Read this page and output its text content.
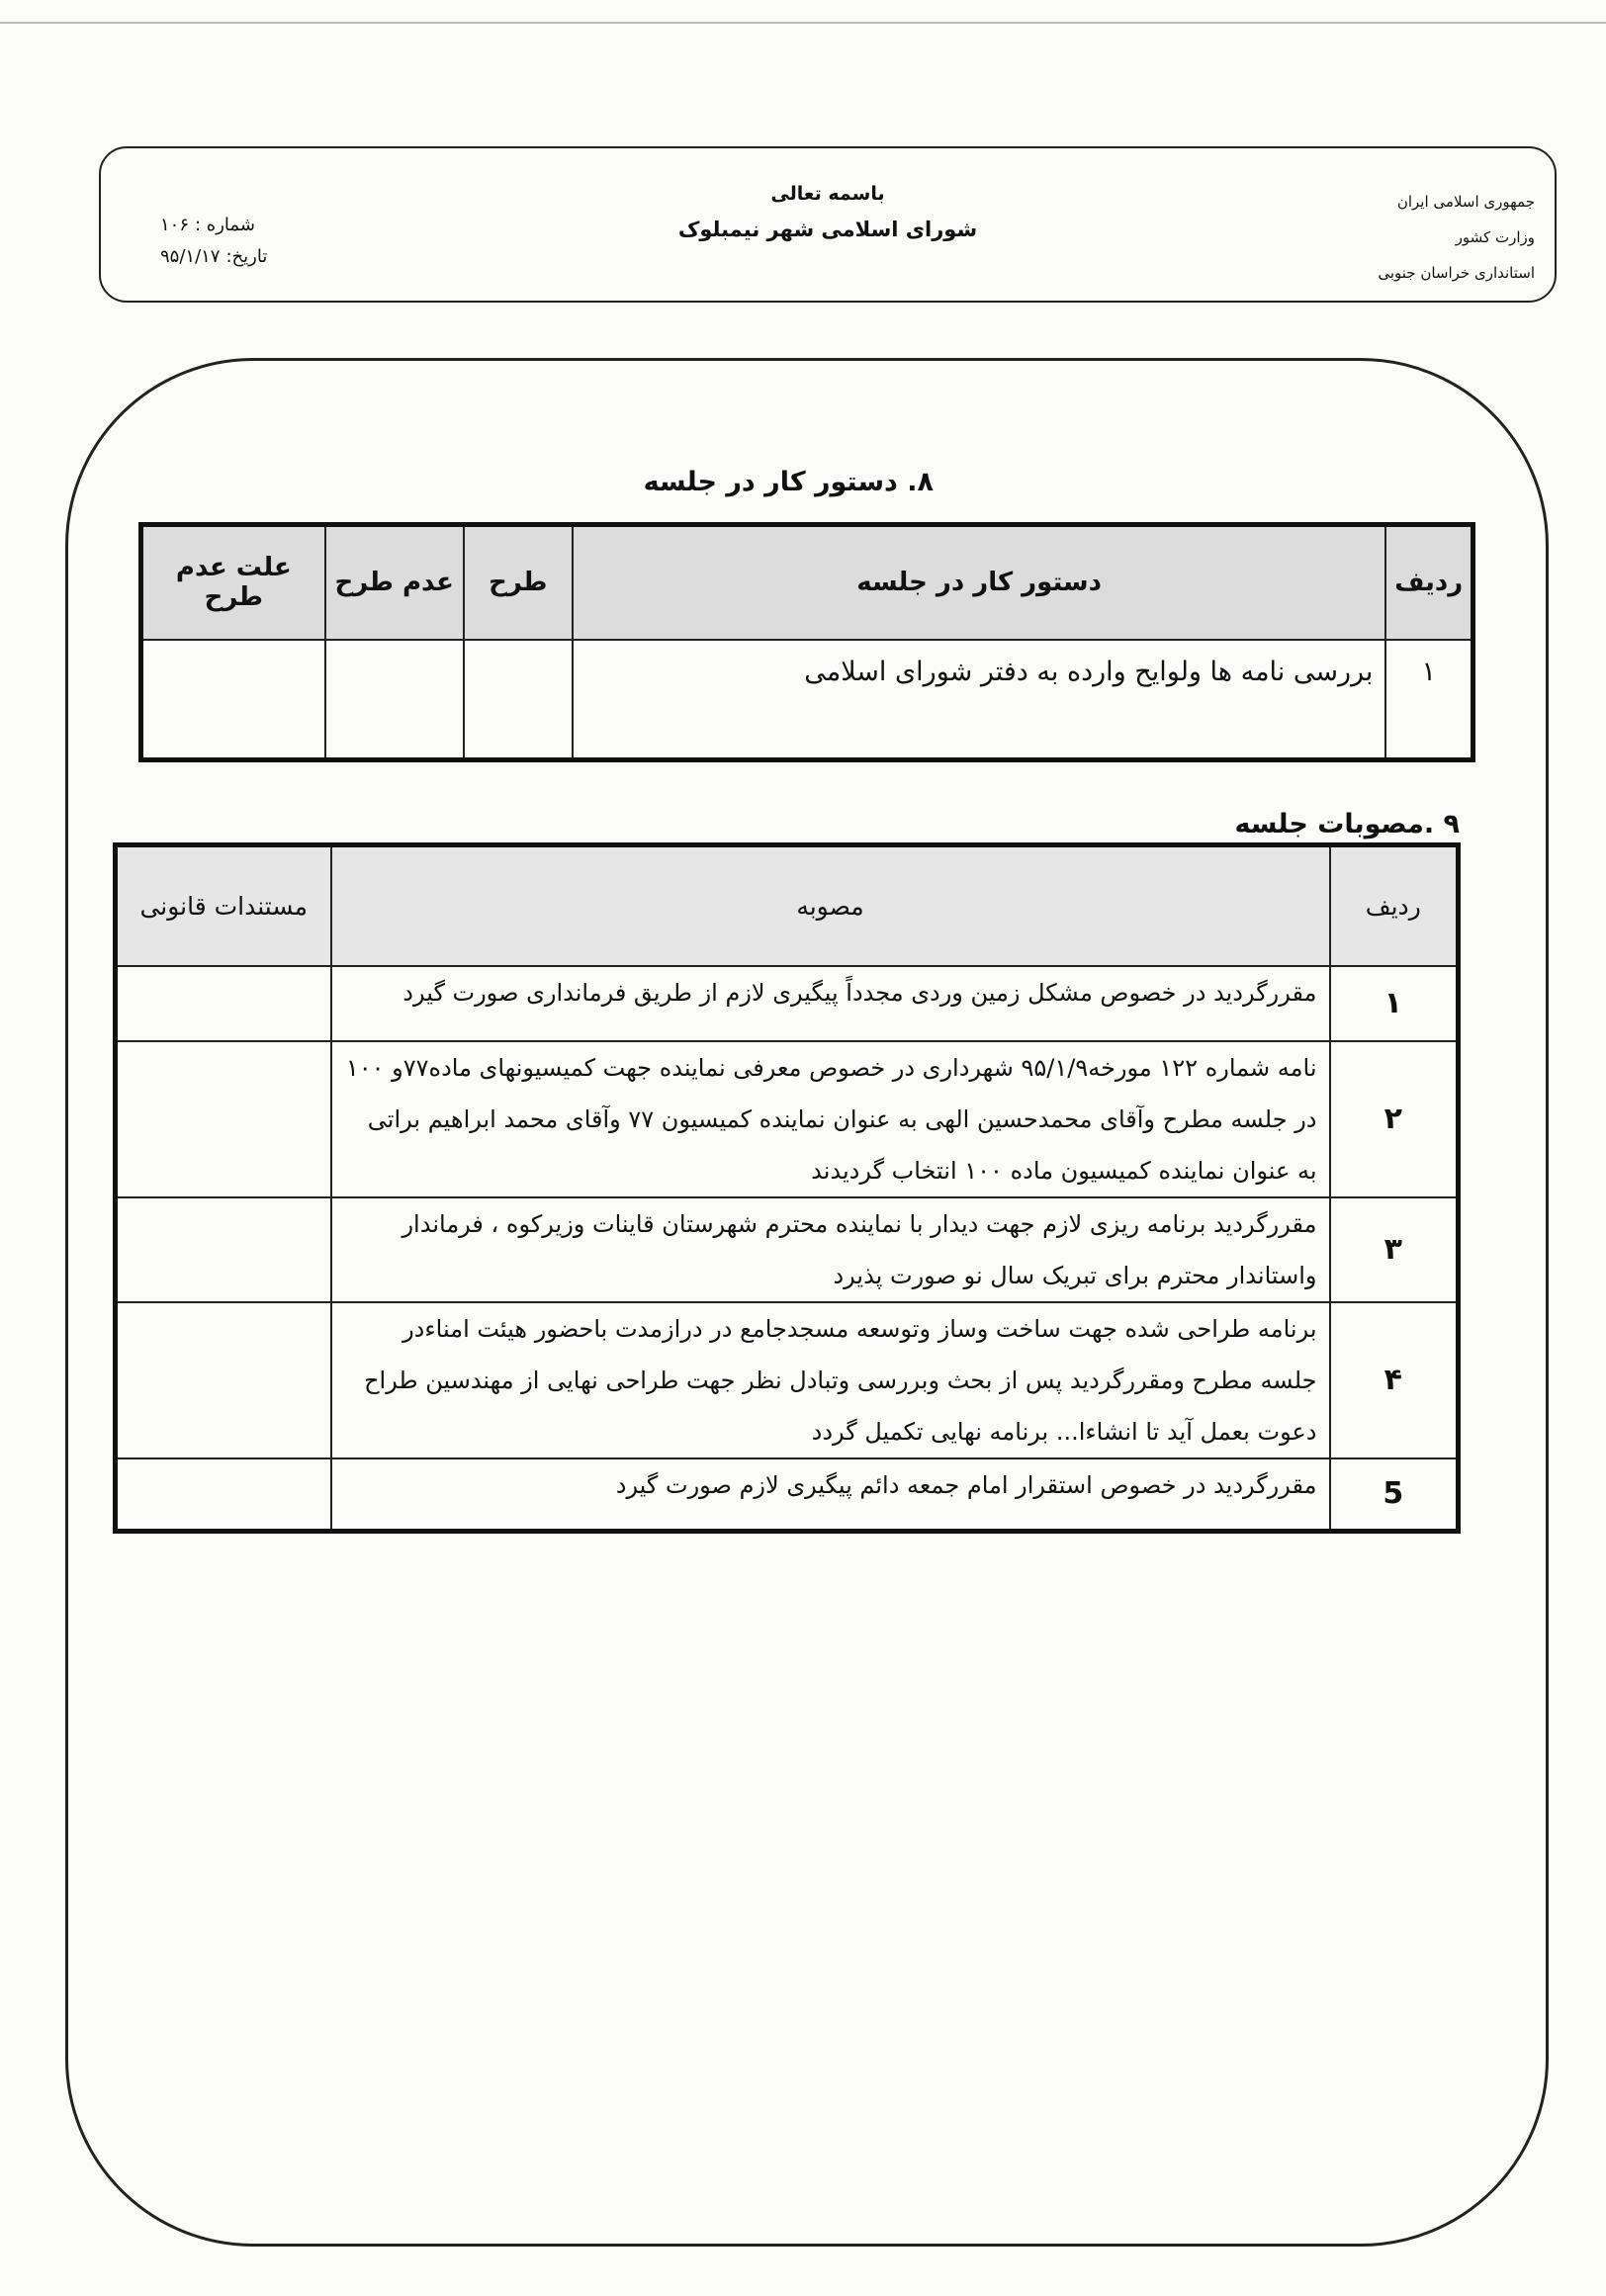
جمهوری اسلامی ایران
وزارت کشور
استانداری خراسان جنوبی
باسمه تعالی
شورای اسلامی شهر نیمبلوک
شماره :
۱۰۶
تاریخ:
۹۵/۱/۱۷
۸. دستور کار در جلسه
ردیف	دستور کار در جلسه	طرح	عدم طرح	علت عدم طرح
۱	بررسی نامه ها ولوایح وارده به دفتر شورای اسلامی			
۹ .مصوبات جلسه
ردیف	مصوبه	مستندات قانونی
۱	مقررگردید در خصوص مشکل زمین وردی مجدداً پیگیری لازم از طریق فرمانداری صورت گیرد	
۲	نامه شماره ۱۲۲ مورخه۹۵/۱/۹ شهرداری در خصوص معرفی نماینده جهت کمیسیونهای ماده۷۷و ۱۰۰ در جلسه مطرح وآقای محمدحسین الهی به عنوان نماینده کمیسیون ۷۷ وآقای محمد ابراهیم براتی به عنوان نماینده کمیسیون ماده ۱۰۰ انتخاب گردیدند	
۳	مقررگردید برنامه ریزی لازم جهت دیدار با نماینده محترم شهرستان قاینات وزیرکوه ، فرماندار واستاندار محترم برای تبریک سال نو صورت پذیرد	
۴	برنامه طراحی شده جهت ساخت وساز وتوسعه مسجدجامع در درازمدت باحضور هیئت امناءدر جلسه مطرح ومقررگردید پس از بحث وبررسی وتبادل نظر جهت طراحی نهایی از مهندسین طراح دعوت بعمل آید تا انشاءا... برنامه نهایی تکمیل گردد	
5	مقررگردید در خصوص استقرار امام جمعه دائم پیگیری لازم صورت گیرد	
